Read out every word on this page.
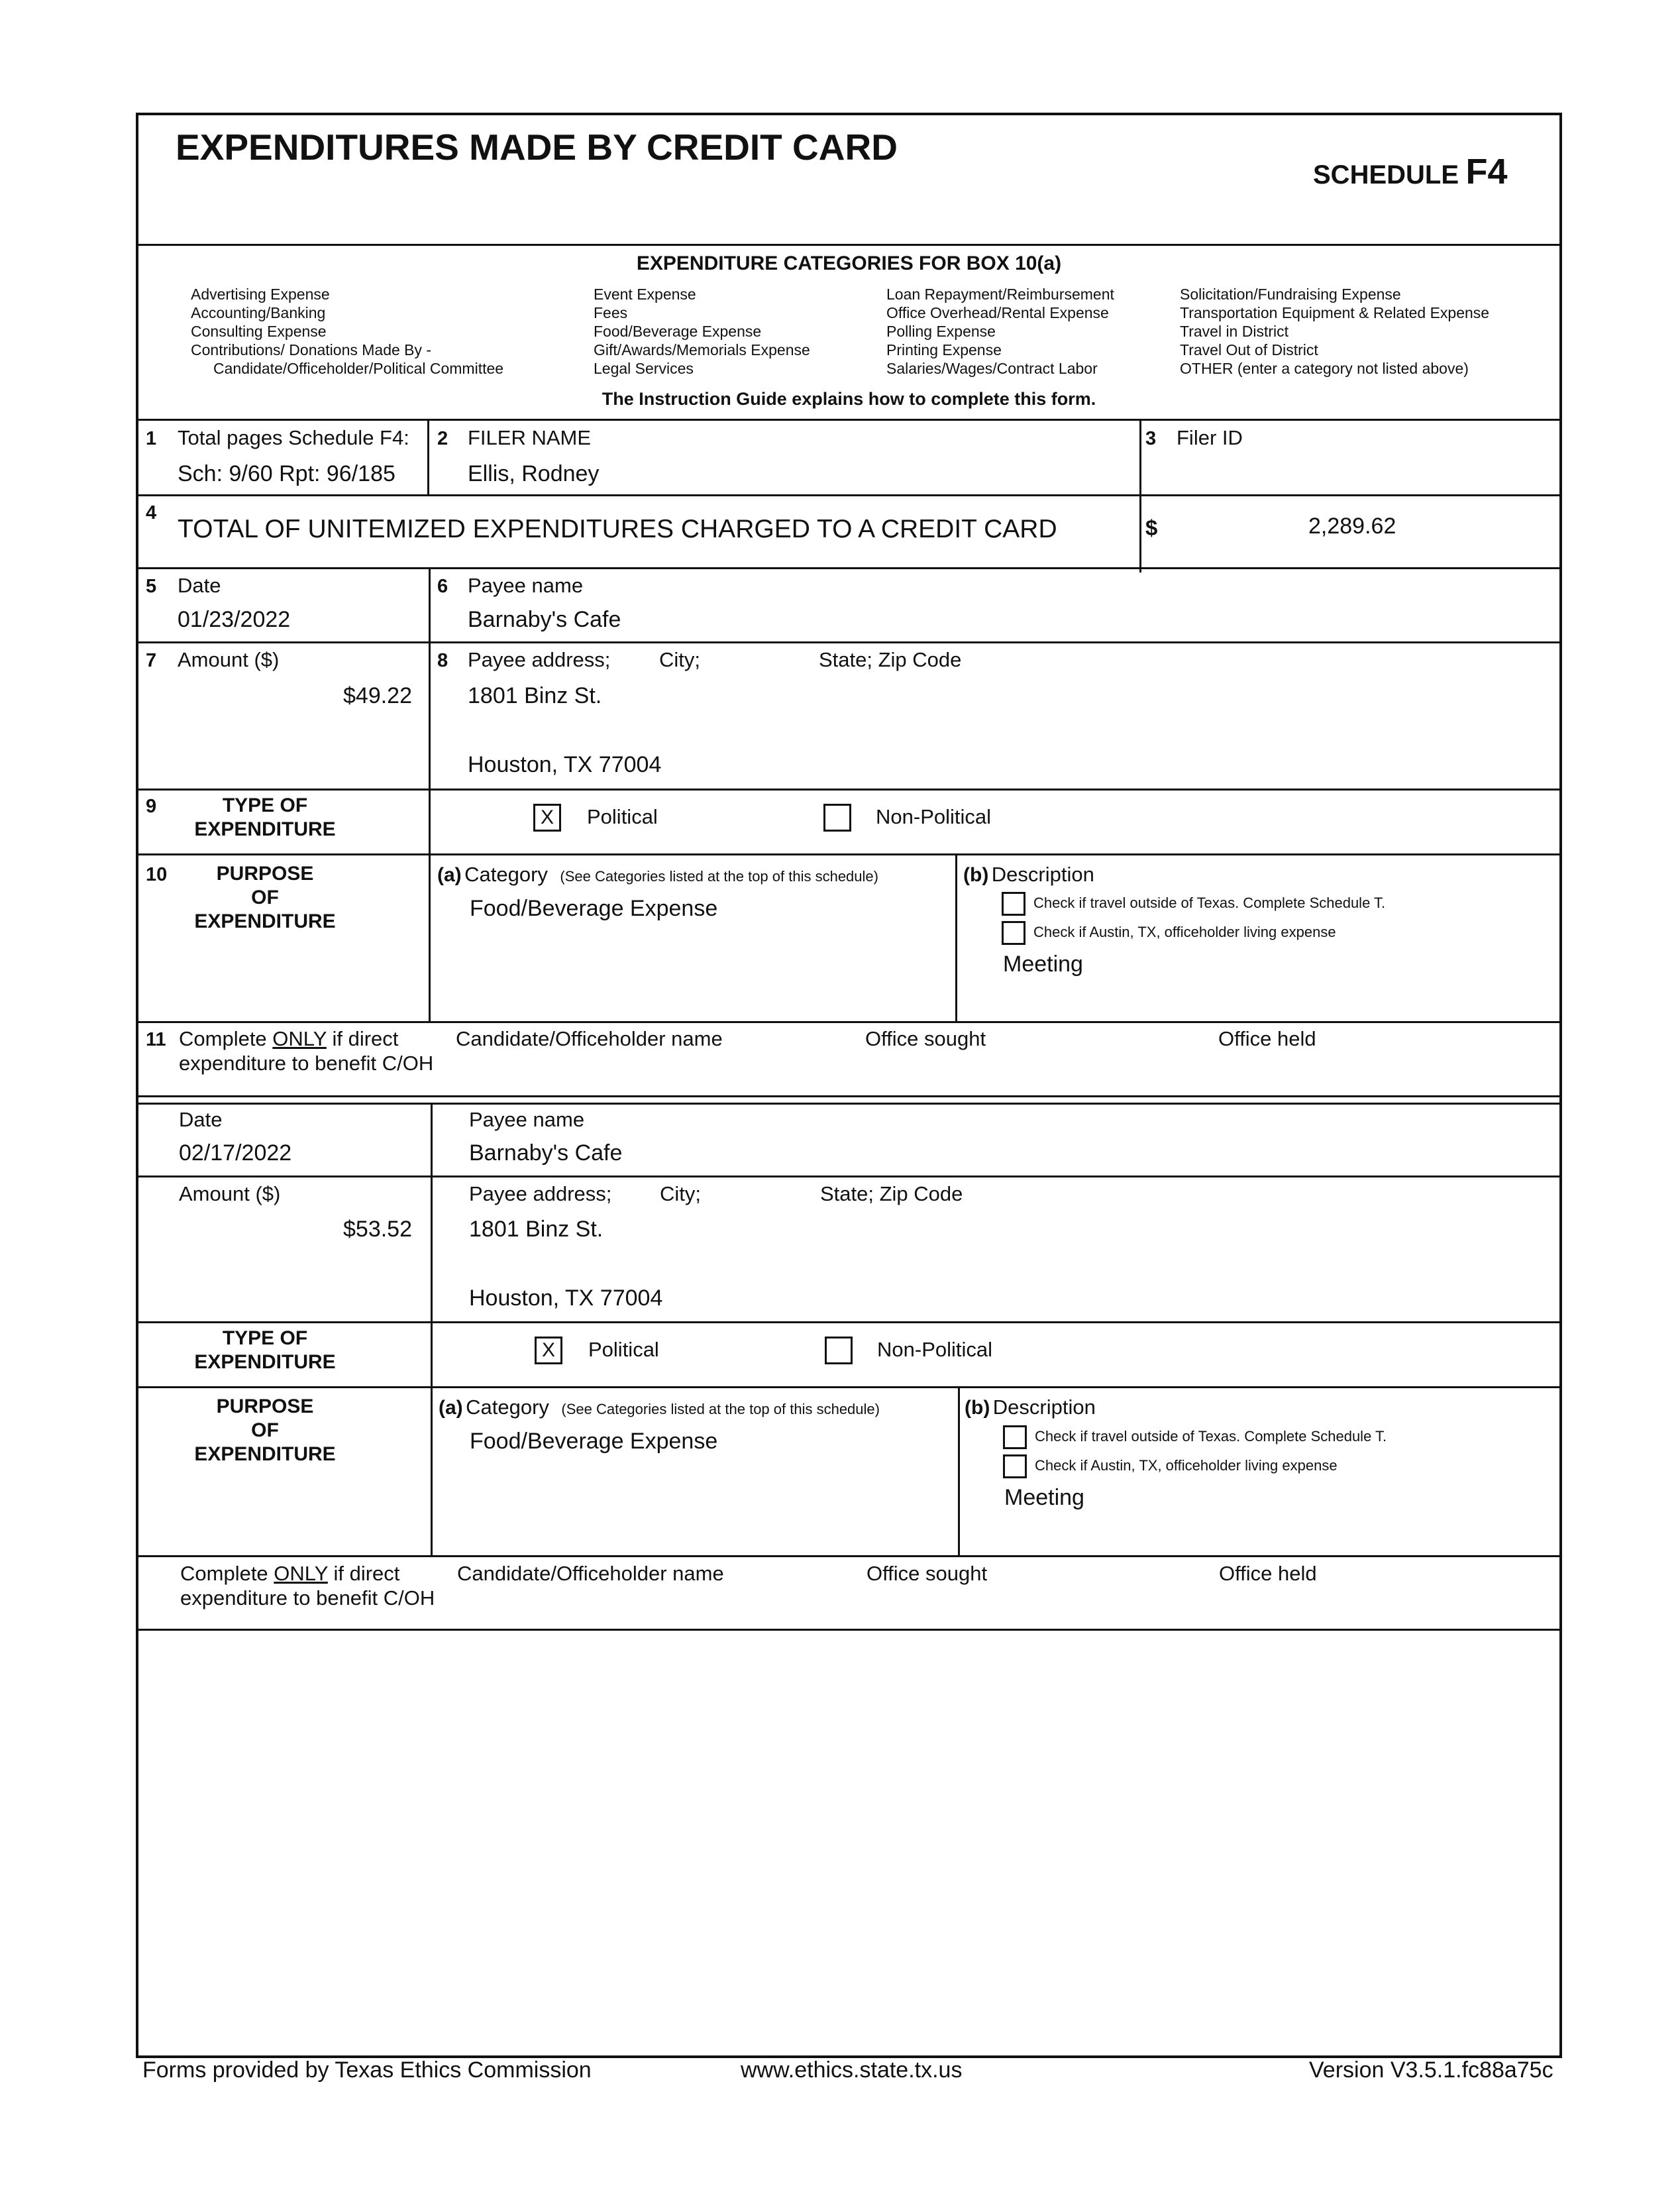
EXPENDITURES MADE BY CREDIT CARD
SCHEDULE F4
EXPENDITURE CATEGORIES FOR BOX 10(a)
Advertising Expense
Accounting/Banking
Consulting Expense
Contributions/ Donations Made By -
Candidate/Officeholder/Political Committee
Event Expense
Fees
Food/Beverage Expense
Gift/Awards/Memorials Expense
Legal Services
Loan Repayment/Reimbursement
Office Overhead/Rental Expense
Polling Expense
Printing Expense
Salaries/Wages/Contract Labor
Solicitation/Fundraising Expense
Transportation Equipment & Related Expense
Travel in District
Travel Out of District
OTHER (enter a category not listed above)
The Instruction Guide explains how to complete this form.
1 Total pages Schedule F4:
Sch: 9/60 Rpt: 96/185
2 FILER NAME
Ellis, Rodney
3 Filer ID
4
TOTAL OF UNITEMIZED EXPENDITURES CHARGED TO A CREDIT CARD	$	2,289.62
5 Date
01/23/2022
6 Payee name
Barnaby's Cafe
7 Amount ($)
$49.22
8 Payee address; City;	State; Zip Code
1801 Binz St.
Houston, TX 77004
9	TYPE OF
EXPENDITURE
X	Political	Non-Political
10	PURPOSE
OF
EXPENDITURE
(a) Category (See Categories listed at the top of this schedule)
Food/Beverage Expense
(b) Description
Check if travel outside of Texas. Complete Schedule T.
Check if Austin, TX, officeholder living expense
Meeting
11 Complete ONLY if direct
expenditure to benefit C/OH
Candidate/Officeholder name	Office sought	Office held
Date
02/17/2022
Payee name
Barnaby's Cafe
Amount ($)
$53.52
Payee address; City;	State; Zip Code
1801 Binz St.
Houston, TX 77004
TYPE OF
EXPENDITURE
X	Political	Non-Political
PURPOSE
OF
EXPENDITURE
(a) Category (See Categories listed at the top of this schedule)
Food/Beverage Expense
(b) Description
Check if travel outside of Texas. Complete Schedule T.
Check if Austin, TX, officeholder living expense
Meeting
Complete ONLY if direct
expenditure to benefit C/OH
Candidate/Officeholder name	Office sought	Office held
Forms provided by Texas Ethics Commission	www.ethics.state.tx.us	Version V3.5.1.fc88a75c
